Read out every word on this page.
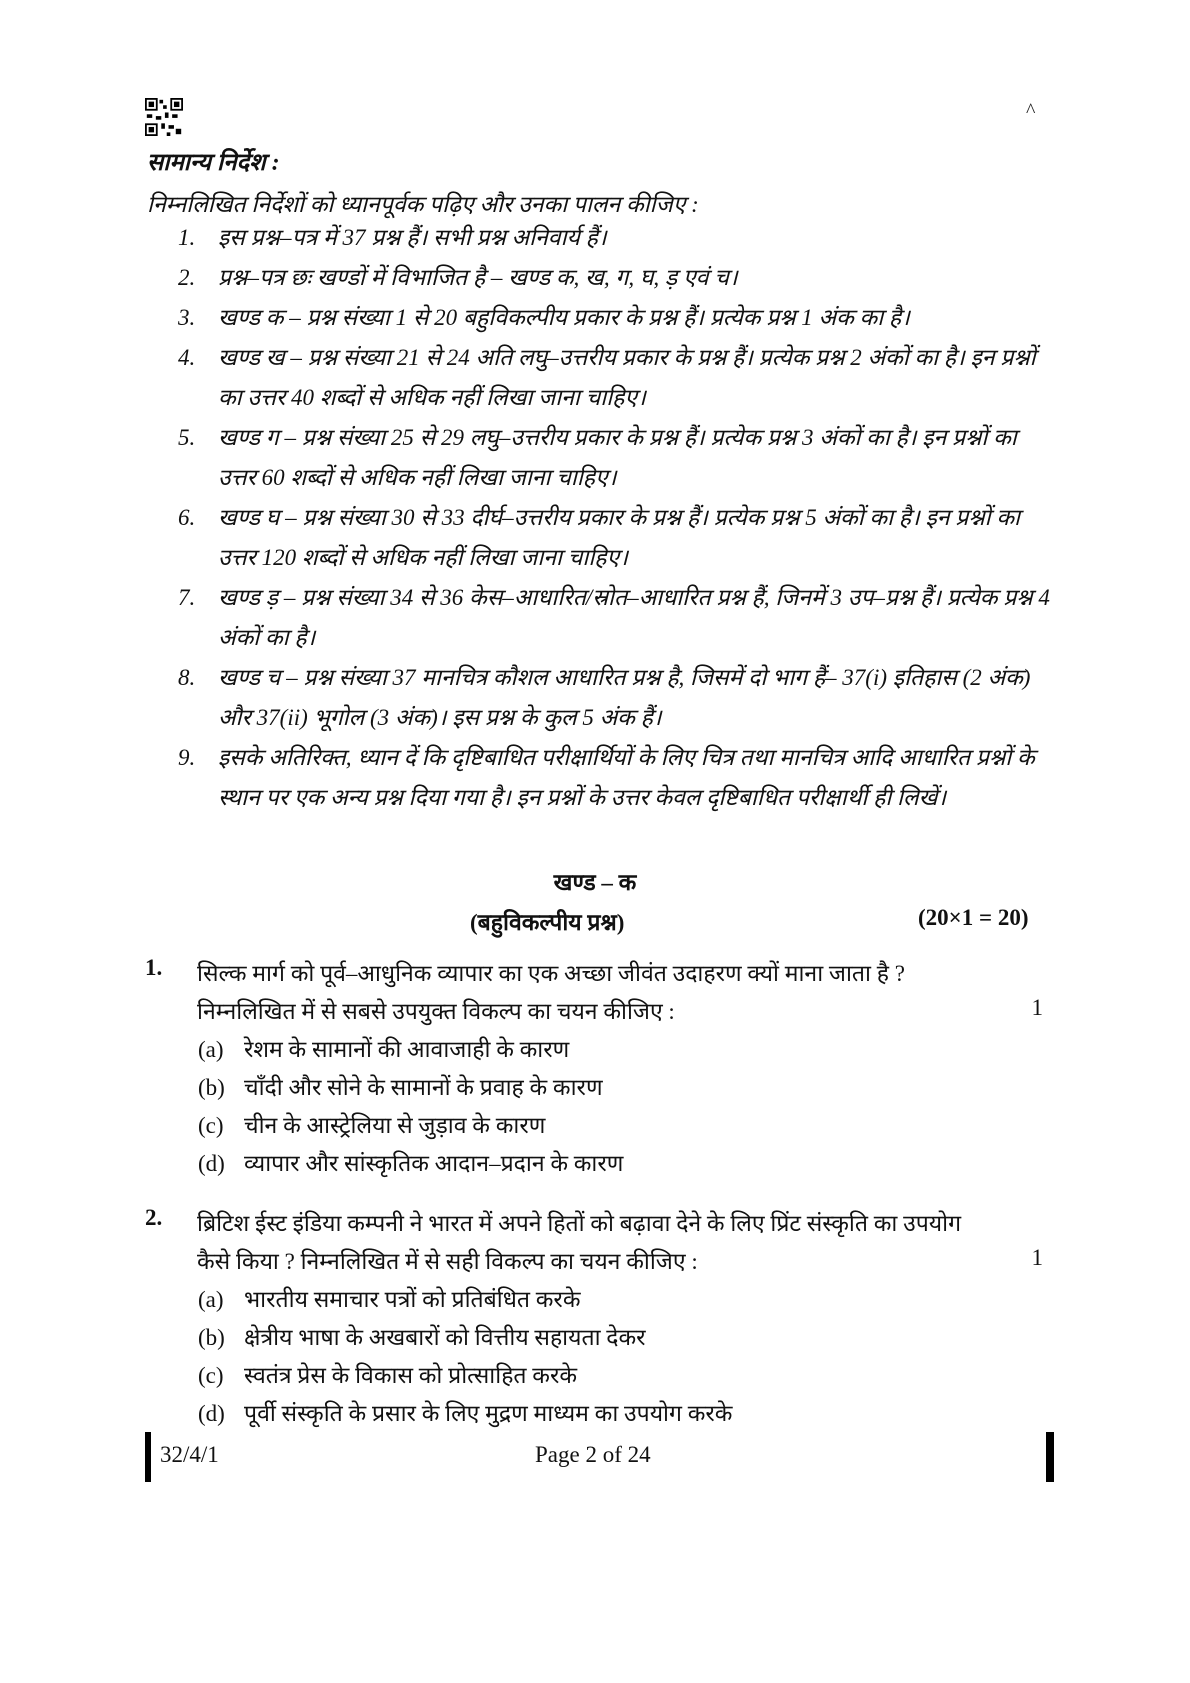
^
सामान्य निर्देश :
निम्नलिखित निर्देशों को ध्यानपूर्वक पढ़िए और उनका पालन कीजिए :
1. इस प्रश्न–पत्र में 37 प्रश्न हैं। सभी प्रश्न अनिवार्य हैं।
2. प्रश्न–पत्र छः खण्डों में विभाजित है – खण्ड क, ख, ग, घ, ड़ एवं च।
3. खण्ड क – प्रश्न संख्या 1 से 20 बहुविकल्पीय प्रकार के प्रश्न हैं। प्रत्येक प्रश्न 1 अंक का है।
4. खण्ड ख – प्रश्न संख्या 21 से 24 अति लघु–उत्तरीय प्रकार के प्रश्न हैं। प्रत्येक प्रश्न 2 अंकों का है। इन प्रश्नों का उत्तर 40 शब्दों से अधिक नहीं लिखा जाना चाहिए।
5. खण्ड ग – प्रश्न संख्या 25 से 29 लघु–उत्तरीय प्रकार के प्रश्न हैं। प्रत्येक प्रश्न 3 अंकों का है। इन प्रश्नों का उत्तर 60 शब्दों से अधिक नहीं लिखा जाना चाहिए।
6. खण्ड घ – प्रश्न संख्या 30 से 33 दीर्घ–उत्तरीय प्रकार के प्रश्न हैं। प्रत्येक प्रश्न 5 अंकों का है। इन प्रश्नों का उत्तर 120 शब्दों से अधिक नहीं लिखा जाना चाहिए।
7. खण्ड ड़ – प्रश्न संख्या 34 से 36 केस–आधारित/स्रोत–आधारित प्रश्न हैं, जिनमें 3 उप–प्रश्न हैं। प्रत्येक प्रश्न 4 अंकों का है।
8. खण्ड च – प्रश्न संख्या 37 मानचित्र कौशल आधारित प्रश्न है, जिसमें दो भाग हैं– 37(i) इतिहास (2 अंक) और 37(ii) भूगोल (3 अंक)। इस प्रश्न के कुल 5 अंक हैं।
9. इसके अतिरिक्त, ध्यान दें कि दृष्टिबाधित परीक्षार्थियों के लिए चित्र तथा मानचित्र आदि आधारित प्रश्नों के स्थान पर एक अन्य प्रश्न दिया गया है। इन प्रश्नों के उत्तर केवल दृष्टिबाधित परीक्षार्थी ही लिखें।
खण्ड – क
(बहुविकल्पीय प्रश्न)	(20×1 = 20)
1. सिल्क मार्ग को पूर्व–आधुनिक व्यापार का एक अच्छा जीवंत उदाहरण क्यों माना जाता है ? निम्नलिखित में से सबसे उपयुक्त विकल्प का चयन कीजिए :	1
(a) रेशम के सामानों की आवाजाही के कारण
(b) चाँदी और सोने के सामानों के प्रवाह के कारण
(c) चीन के आस्ट्रेलिया से जुड़ाव के कारण
(d) व्यापार और सांस्कृतिक आदान–प्रदान के कारण
2. ब्रिटिश ईस्ट इंडिया कम्पनी ने भारत में अपने हितों को बढ़ावा देने के लिए प्रिंट संस्कृति का उपयोग कैसे किया ? निम्नलिखित में से सही विकल्प का चयन कीजिए :	1
(a) भारतीय समाचार पत्रों को प्रतिबंधित करके
(b) क्षेत्रीय भाषा के अखबारों को वित्तीय सहायता देकर
(c) स्वतंत्र प्रेस के विकास को प्रोत्साहित करके
(d) पूर्वी संस्कृति के प्रसार के लिए मुद्रण माध्यम का उपयोग करके
32/4/1	Page 2 of 24
